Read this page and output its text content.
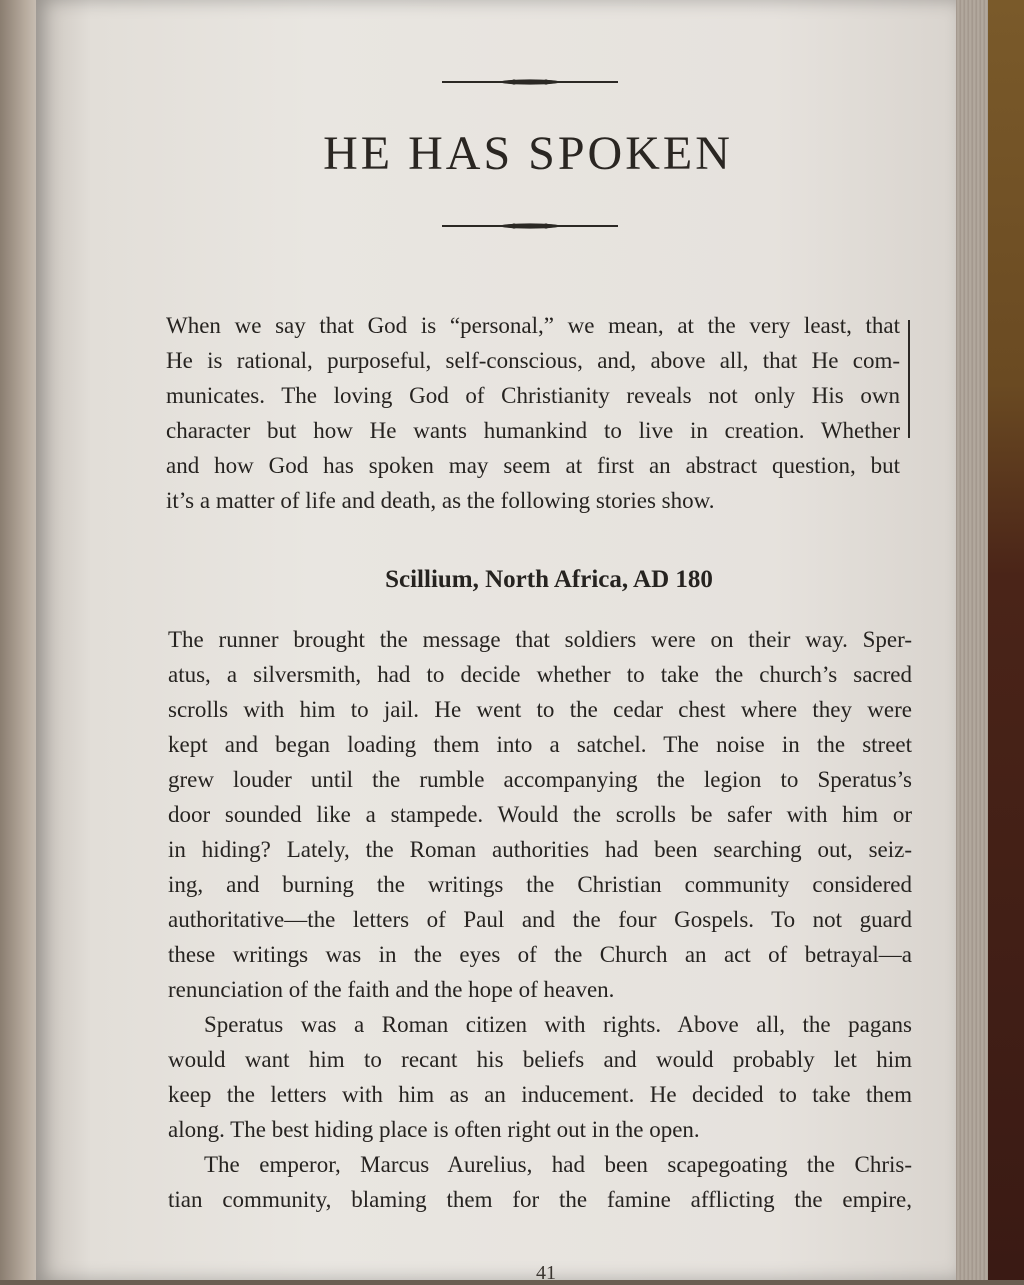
HE HAS SPOKEN
When we say that God is “personal,” we mean, at the very least, that
He is rational, purposeful, self-conscious, and, above all, that He com-
municates. The loving God of Christianity reveals not only His own
character but how He wants humankind to live in creation. Whether
and how God has spoken may seem at first an abstract question, but
it’s a matter of life and death, as the following stories show.
Scillium, North Africa, AD 180
The runner brought the message that soldiers were on their way. Sper-
atus, a silversmith, had to decide whether to take the church’s sacred
scrolls with him to jail. He went to the cedar chest where they were
kept and began loading them into a satchel. The noise in the street
grew louder until the rumble accompanying the legion to Speratus’s
door sounded like a stampede. Would the scrolls be safer with him or
in hiding? Lately, the Roman authorities had been searching out, seiz-
ing, and burning the writings the Christian community considered
authoritative—the letters of Paul and the four Gospels. To not guard
these writings was in the eyes of the Church an act of betrayal—a
renunciation of the faith and the hope of heaven.
Speratus was a Roman citizen with rights. Above all, the pagans
would want him to recant his beliefs and would probably let him
keep the letters with him as an inducement. He decided to take them
along. The best hiding place is often right out in the open.
The emperor, Marcus Aurelius, had been scapegoating the Chris-
tian community, blaming them for the famine afflicting the empire,
41
